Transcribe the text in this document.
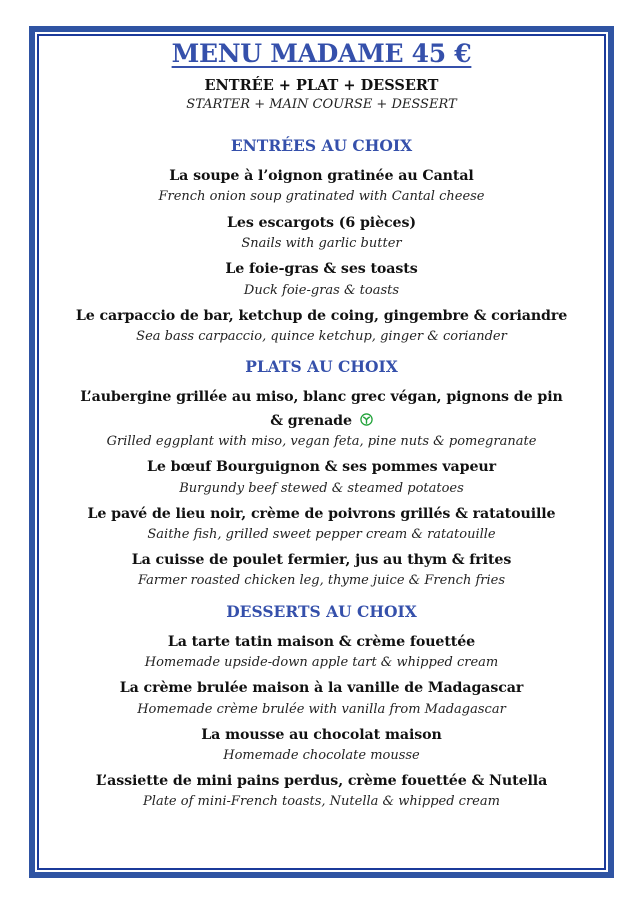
MENU MADAME 45 €
ENTRÉE + PLAT + DESSERT
STARTER + MAIN COURSE + DESSERT
ENTRÉES AU CHOIX
La soupe à l’oignon gratinée au Cantal
French onion soup gratinated with Cantal cheese
Les escargots (6 pièces)
Snails with garlic butter
Le foie-gras & ses toasts
Duck foie-gras & toasts
Le carpaccio de bar, ketchup de coing, gingembre & coriandre
Sea bass carpaccio, quince ketchup, ginger & coriander
PLATS AU CHOIX
L’aubergine grillée au miso, blanc grec végan, pignons de pin
& grenade
Grilled eggplant with miso, vegan feta, pine nuts & pomegranate
Le bœuf Bourguignon & ses pommes vapeur
Burgundy beef stewed & steamed potatoes
Le pavé de lieu noir, crème de poivrons grillés & ratatouille
Saithe fish, grilled sweet pepper cream & ratatouille
La cuisse de poulet fermier, jus au thym & frites
Farmer roasted chicken leg, thyme juice & French fries
DESSERTS AU CHOIX
La tarte tatin maison & crème fouettée
Homemade upside-down apple tart & whipped cream
La crème brulée maison à la vanille de Madagascar
Homemade crème brulée with vanilla from Madagascar
La mousse au chocolat maison
Homemade chocolate mousse
L’assiette de mini pains perdus, crème fouettée & Nutella
Plate of mini-French toasts, Nutella & whipped cream
